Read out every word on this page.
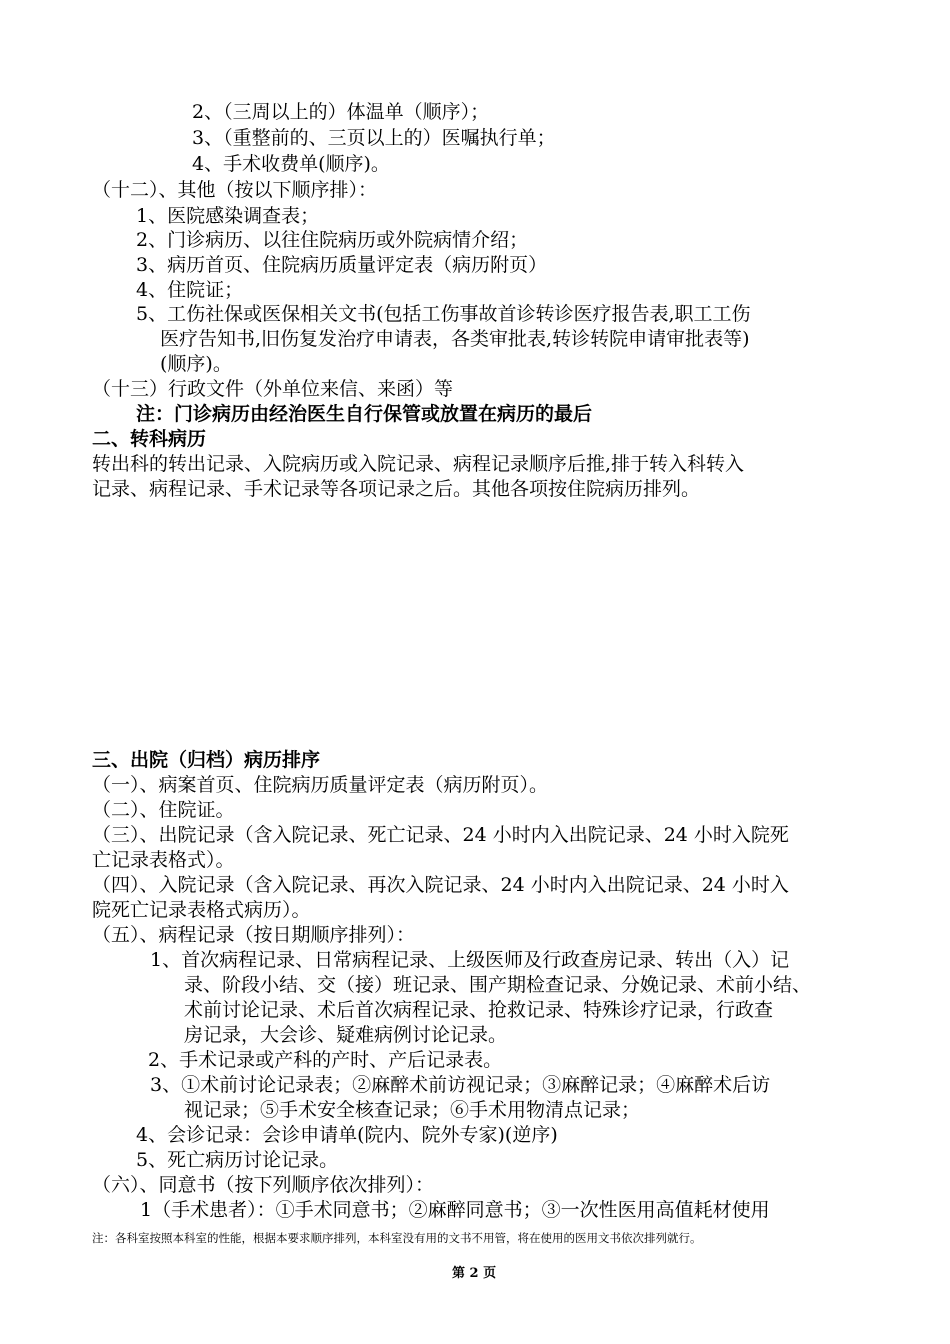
2、（三周以上的）体温单（顺序）；
3、（重整前的、三页以上的）医嘱执行单；
4、手术收费单(顺序)。
（十二）、其他（按以下顺序排）：
1、医院感染调查表；
2、门诊病历、以往住院病历或外院病情介绍；
3、病历首页、住院病历质量评定表（病历附页）
4、住院证；
5、工伤社保或医保相关文书(包括工伤事故首诊转诊医疗报告表,职工工伤
医疗告知书,旧伤复发治疗申请表，各类审批表,转诊转院申请审批表等)
(顺序)。
（十三）行政文件（外单位来信、来函）等
注：门诊病历由经治医生自行保管或放置在病历的最后
二、转科病历
转出科的转出记录、入院病历或入院记录、病程记录顺序后推,排于转入科转入
记录、病程记录、手术记录等各项记录之后。其他各项按住院病历排列。
三、出院（归档）病历排序
（一）、病案首页、住院病历质量评定表（病历附页）。
（二）、住院证。
（三）、出院记录（含入院记录、死亡记录、24 小时内入出院记录、24 小时入院死
亡记录表格式）。
（四）、入院记录（含入院记录、再次入院记录、24 小时内入出院记录、24 小时入
院死亡记录表格式病历）。
（五）、病程记录（按日期顺序排列）：
1、首次病程记录、日常病程记录、上级医师及行政查房记录、转出（入）记
录、阶段小结、交（接）班记录、围产期检查记录、分娩记录、术前小结、
术前讨论记录、术后首次病程记录、抢救记录、特殊诊疗记录，行政查
房记录，大会诊、疑难病例讨论记录。
2、手术记录或产科的产时、产后记录表。
3、①术前讨论记录表；②麻醉术前访视记录；③麻醉记录；④麻醉术后访
视记录；⑤手术安全核查记录；⑥手术用物清点记录；
4、会诊记录：会诊申请单(院内、院外专家)(逆序)
5、死亡病历讨论记录。
（六）、同意书（按下列顺序依次排列）：
1（手术患者）：①手术同意书；②麻醉同意书；③一次性医用高值耗材使用
注：各科室按照本科室的性能，根据本要求顺序排列，本科室没有用的文书不用管，将在使用的医用文书依次排列就行。
第 2 页
